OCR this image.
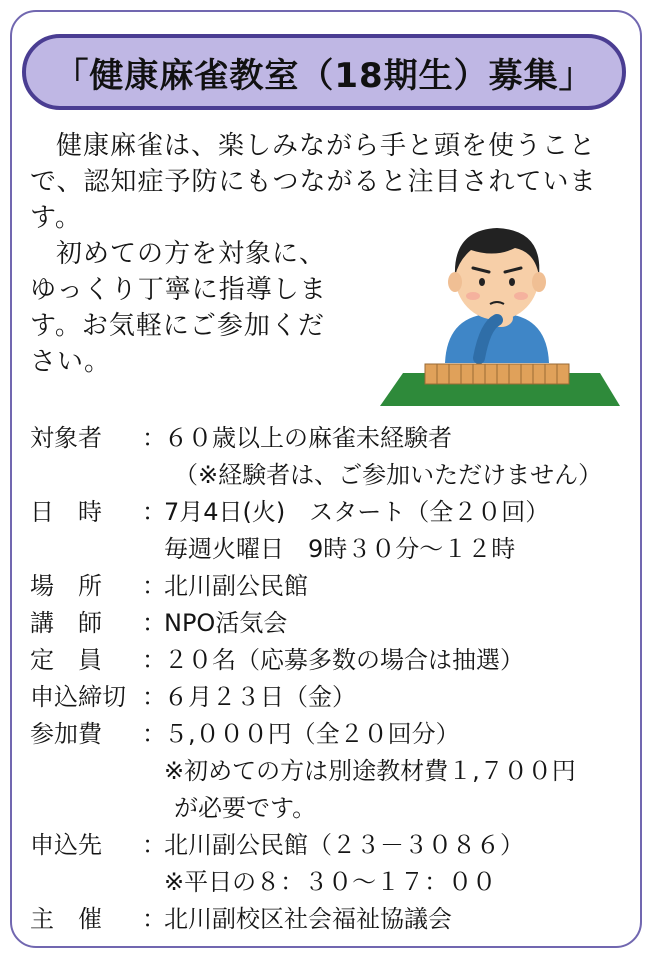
「健康麻雀教室（18期生）募集」

健康麻雀は、楽しみながら手と頭を使うことで、認知症予防にもつながると注目されています。

初めての方を対象に、ゆっくり丁寧に指導します。お気軽にご参加ください。

対象者	：
６０歳以上の麻雀未経験者
（※経験者は、ご参加いただけません）
日　時	：
7月4日(火)　スタート（全２０回）
毎週火曜日　9時３０分～１２時
場　所	：
北川副公民館
講　師	：
NPO活気会
定　員	：
２０名（応募多数の場合は抽選）
申込締切 ：
６月２３日（金）
参加費	：
５,０００円（全２０回分）
※初めての方は別途教材費１,７００円
が必要です。
申込先	：
北川副公民館（２３－３０８６）
※平日の８：３０～１７：００
主　催	：
北川副校区社会福祉協議会
